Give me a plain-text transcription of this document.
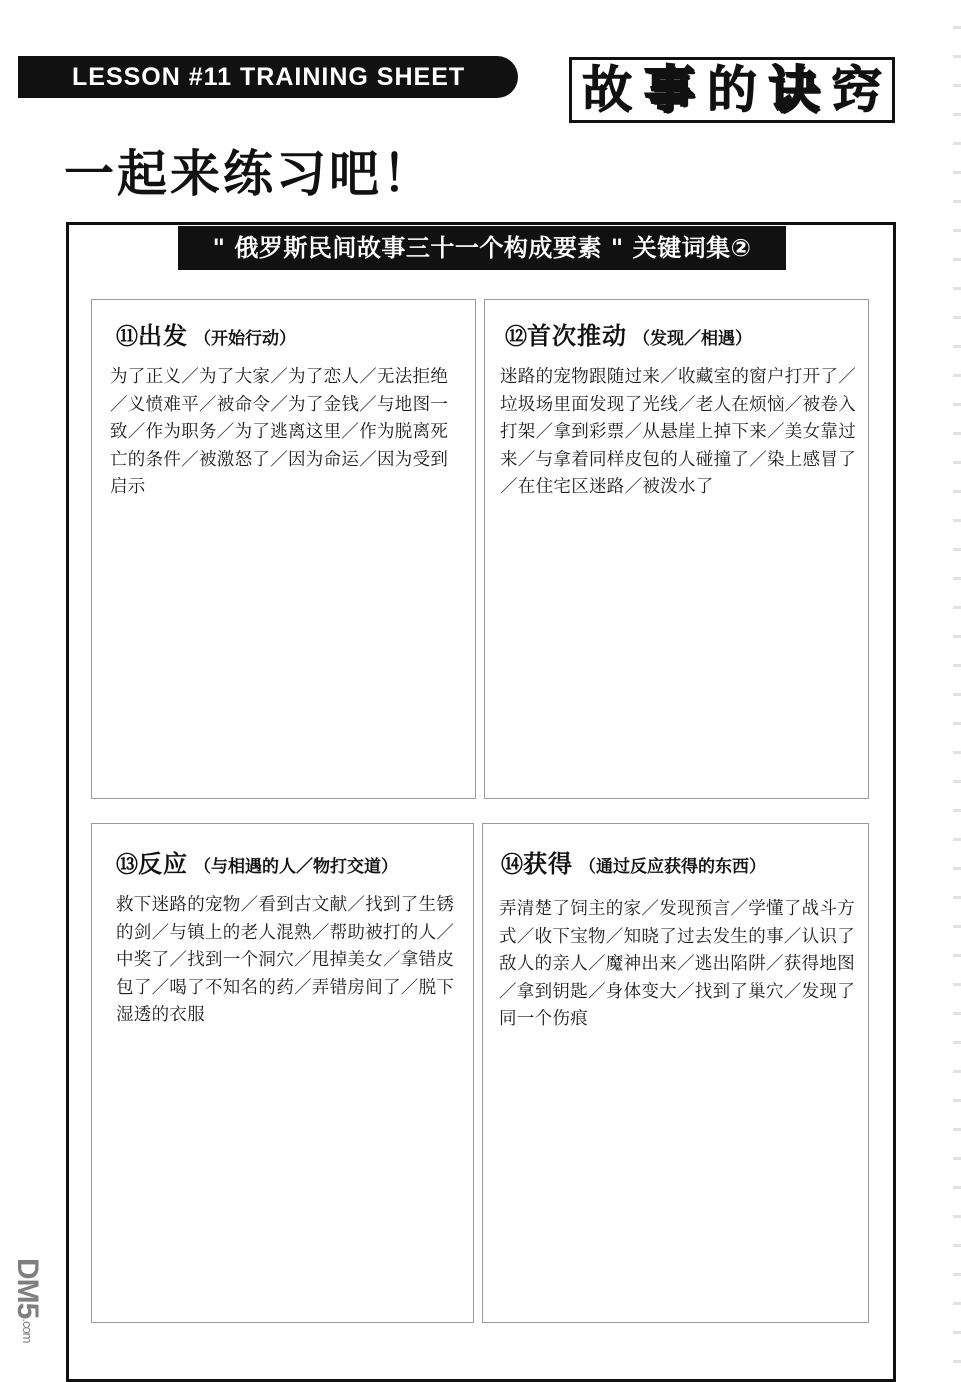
LESSON #11 TRAINING SHEET	故 事 的 诀 窍
一起来练习吧！
" 俄罗斯民间故事三十一个构成要素 " 关键词集②
⑪出发 （开始行动）
为了正义／为了大家／为了恋人／无法拒绝／义愤难平／被命令／为了金钱／与地图一致／作为职务／为了逃离这里／作为脱离死亡的条件／被激怒了／因为命运／因为受到启示
⑫首次推动 （发现／相遇）
迷路的宠物跟随过来／收藏室的窗户打开了／垃圾场里面发现了光线／老人在烦恼／被卷入打架／拿到彩票／从悬崖上掉下来／美女靠过来／与拿着同样皮包的人碰撞了／染上感冒了／在住宅区迷路／被泼水了
⑬反应 （与相遇的人／物打交道）
救下迷路的宠物／看到古文献／找到了生锈的剑／与镇上的老人混熟／帮助被打的人／中奖了／找到一个洞穴／甩掉美女／拿错皮包了／喝了不知名的药／弄错房间了／脱下湿透的衣服
⑭获得 （通过反应获得的东西）
弄清楚了饲主的家／发现预言／学懂了战斗方式／收下宝物／知晓了过去发生的事／认识了敌人的亲人／魔神出来／逃出陷阱／获得地图／拿到钥匙／身体变大／找到了巢穴／发现了同一个伤痕
DM5.com
